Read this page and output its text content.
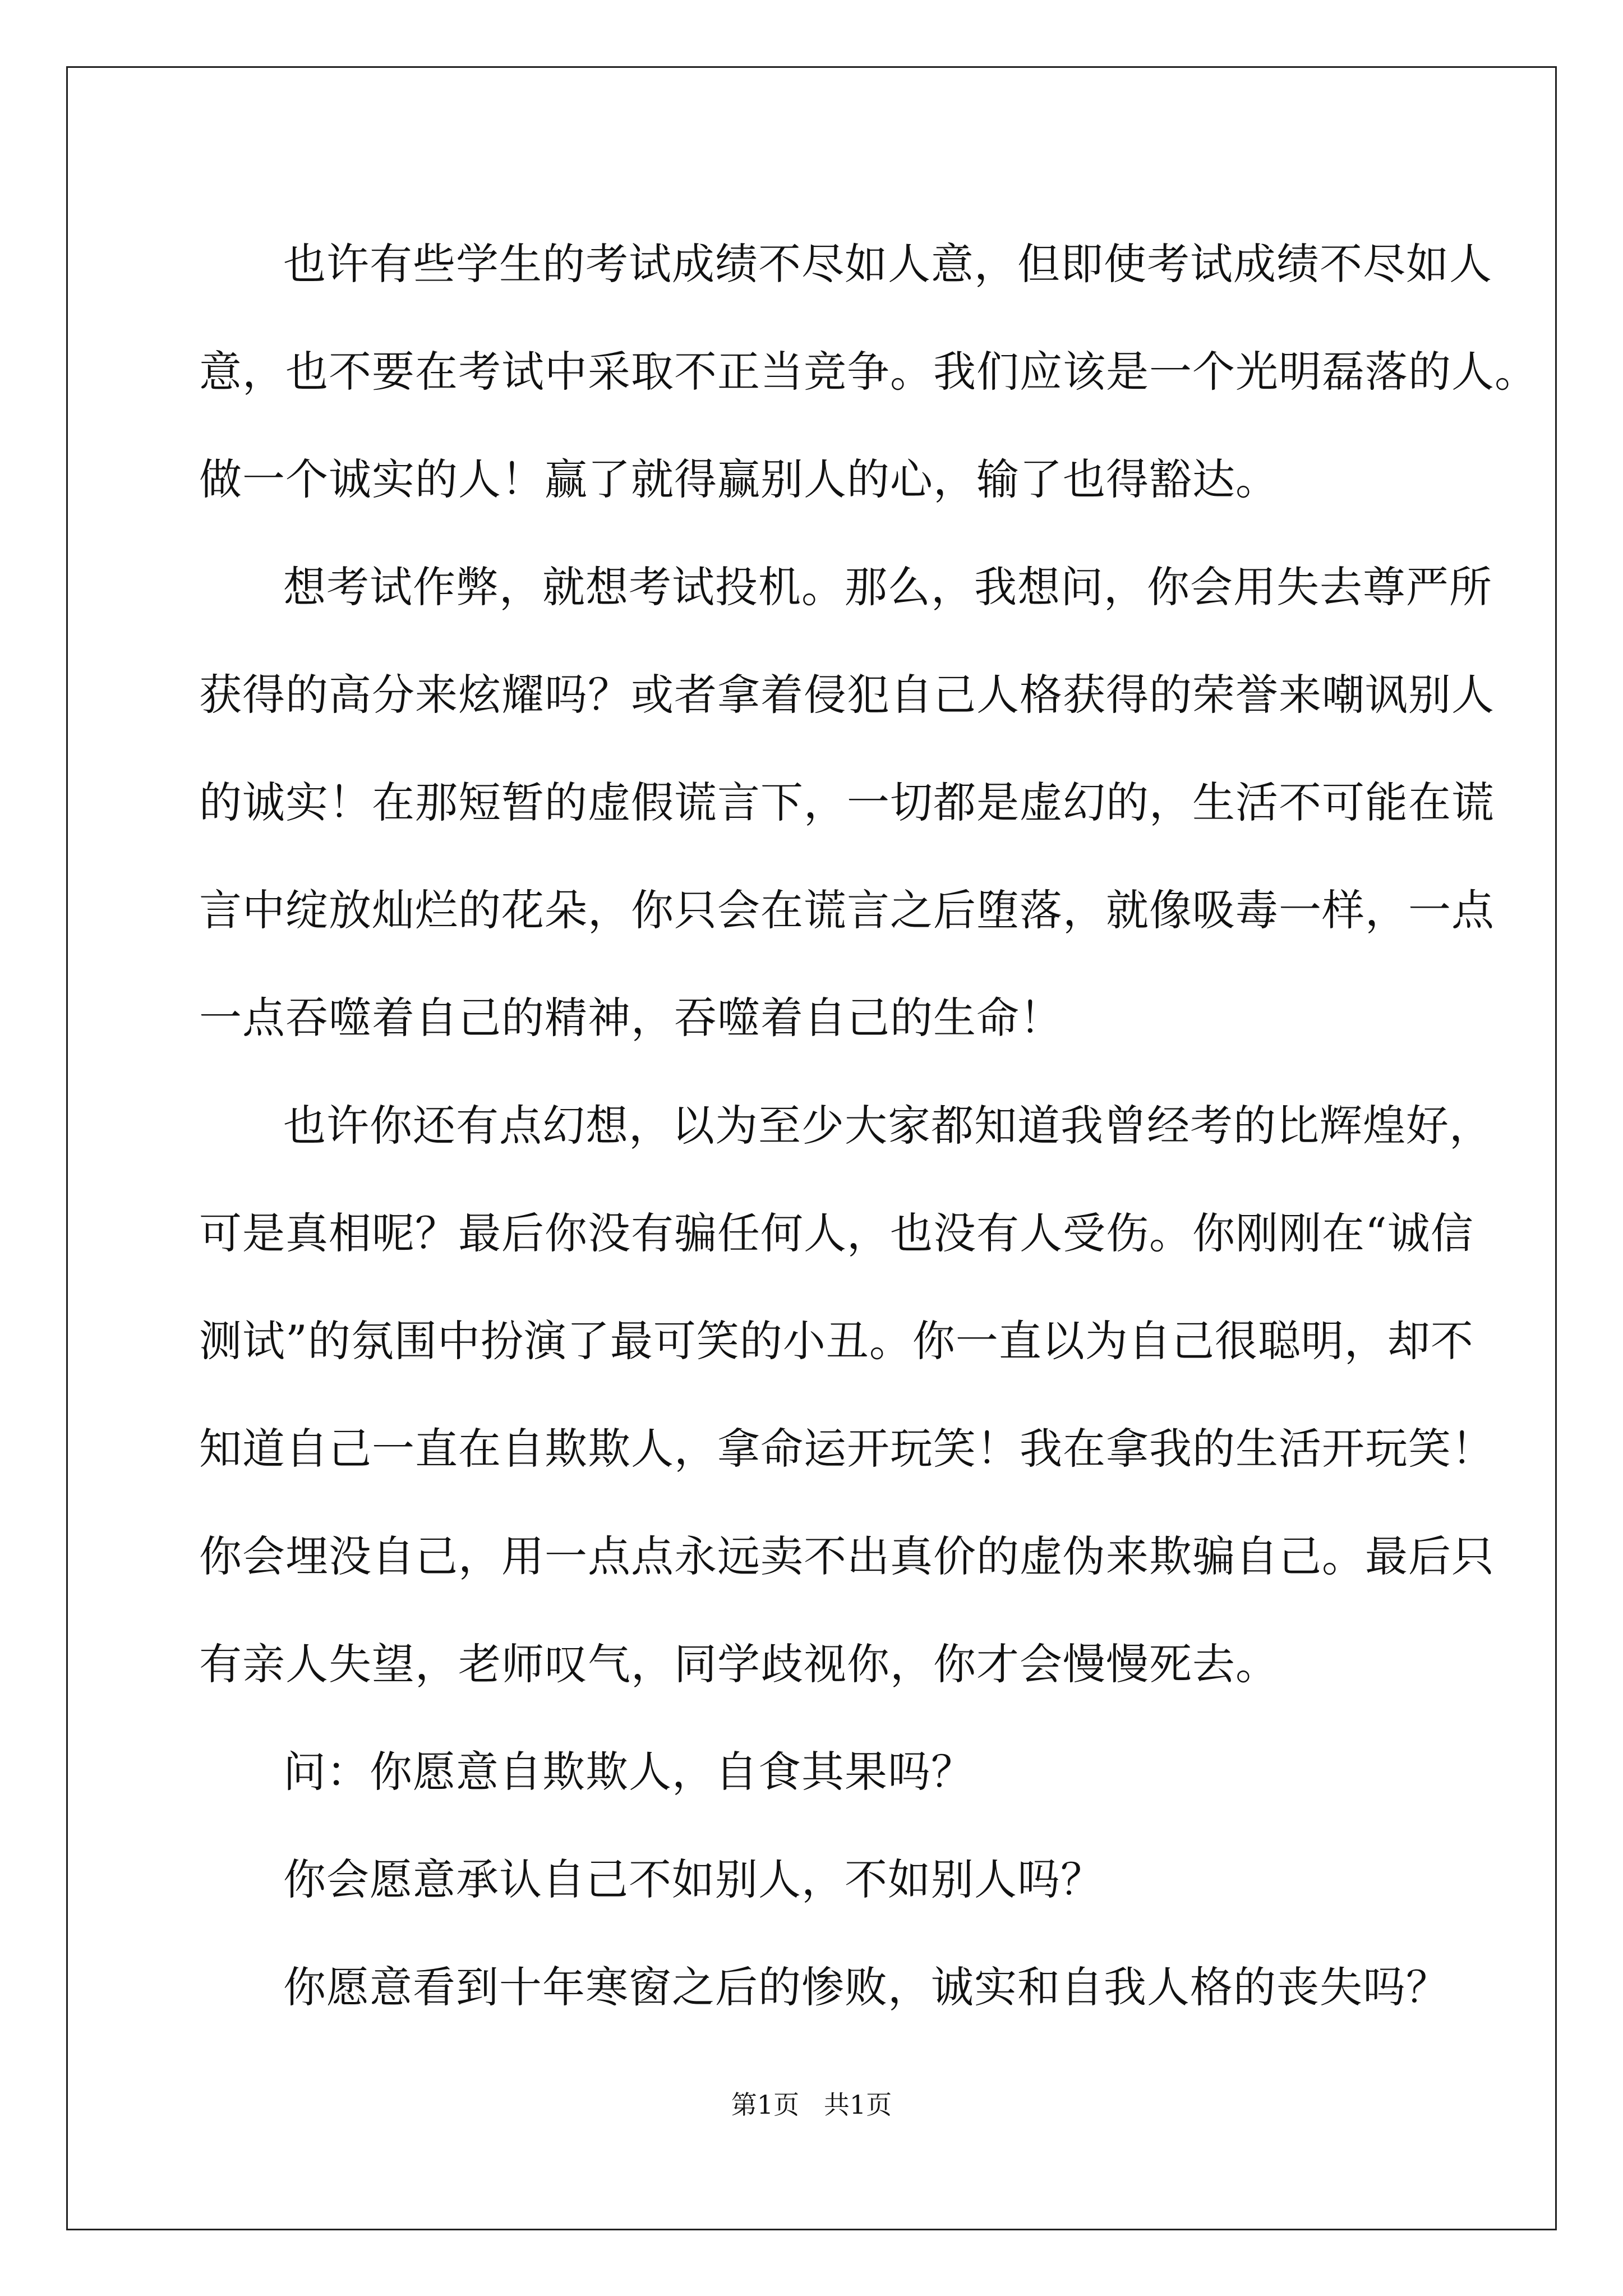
也许有些学生的考试成绩不尽如人意，但即使考试成绩不尽如人
意，也不要在考试中采取不正当竞争。我们应该是一个光明磊落的人。
做一个诚实的人！赢了就得赢别人的心，输了也得豁达。
想考试作弊，就想考试投机。那么，我想问，你会用失去尊严所
获得的高分来炫耀吗？或者拿着侵犯自己人格获得的荣誉来嘲讽别人
的诚实！在那短暂的虚假谎言下，一切都是虚幻的，生活不可能在谎
言中绽放灿烂的花朵，你只会在谎言之后堕落，就像吸毒一样，一点
一点吞噬着自己的精神，吞噬着自己的生命！
也许你还有点幻想，以为至少大家都知道我曾经考的比辉煌好，
可是真相呢？最后你没有骗任何人，也没有人受伤。你刚刚在“诚信
测试”的氛围中扮演了最可笑的小丑。你一直以为自己很聪明，却不
知道自己一直在自欺欺人，拿命运开玩笑！我在拿我的生活开玩笑！
你会埋没自己，用一点点永远卖不出真价的虚伪来欺骗自己。最后只
有亲人失望，老师叹气，同学歧视你，你才会慢慢死去。
问：你愿意自欺欺人，自食其果吗？
你会愿意承认自己不如别人，不如别人吗？
你愿意看到十年寒窗之后的惨败，诚实和自我人格的丧失吗？
第1页   共1页
